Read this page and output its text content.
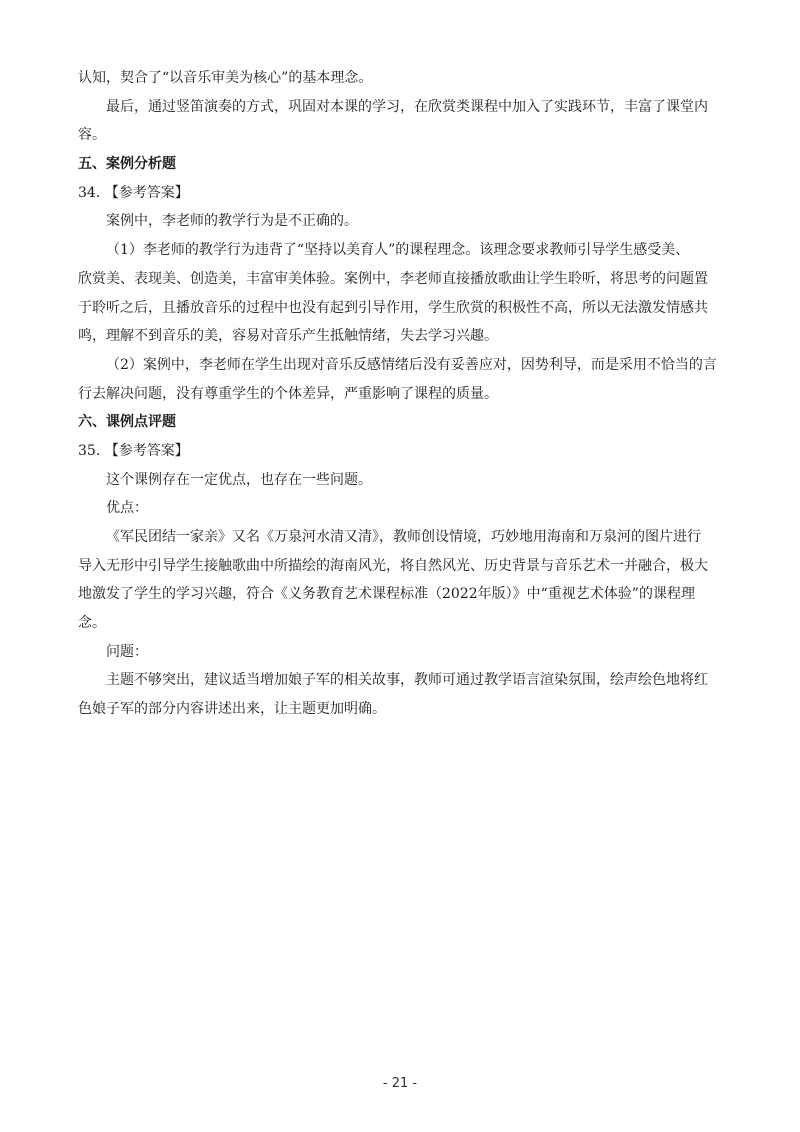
认知，契合了“以音乐审美为核心”的基本理念。
最后，通过竖笛演奏的方式，巩固对本课的学习，在欣赏类课程中加入了实践环节，丰富了课堂内
容。
五、案例分析题
34. 【参考答案】
案例中，李老师的教学行为是不正确的。
（1）李老师的教学行为违背了“坚持以美育人”的课程理念。该理念要求教师引导学生感受美、
欣赏美、表现美、创造美，丰富审美体验。案例中，李老师直接播放歌曲让学生聆听，将思考的问题置
于聆听之后，且播放音乐的过程中也没有起到引导作用，学生欣赏的积极性不高，所以无法激发情感共
鸣，理解不到音乐的美，容易对音乐产生抵触情绪，失去学习兴趣。
（2）案例中，李老师在学生出现对音乐反感情绪后没有妥善应对，因势利导，而是采用不恰当的言
行去解决问题，没有尊重学生的个体差异，严重影响了课程的质量。
六、课例点评题
35. 【参考答案】
这个课例存在一定优点，也存在一些问题。
优点：
《军民团结一家亲》又名《万泉河水清又清》，教师创设情境，巧妙地用海南和万泉河的图片进行
导入无形中引导学生接触歌曲中所描绘的海南风光，将自然风光、历史背景与音乐艺术一并融合，极大
地激发了学生的学习兴趣，符合《义务教育艺术课程标准（2022年版）》中“重视艺术体验”的课程理
念。
问题：
主题不够突出，建议适当增加娘子军的相关故事，教师可通过教学语言渲染氛围，绘声绘色地将红
色娘子军的部分内容讲述出来，让主题更加明确。
- 21 -
